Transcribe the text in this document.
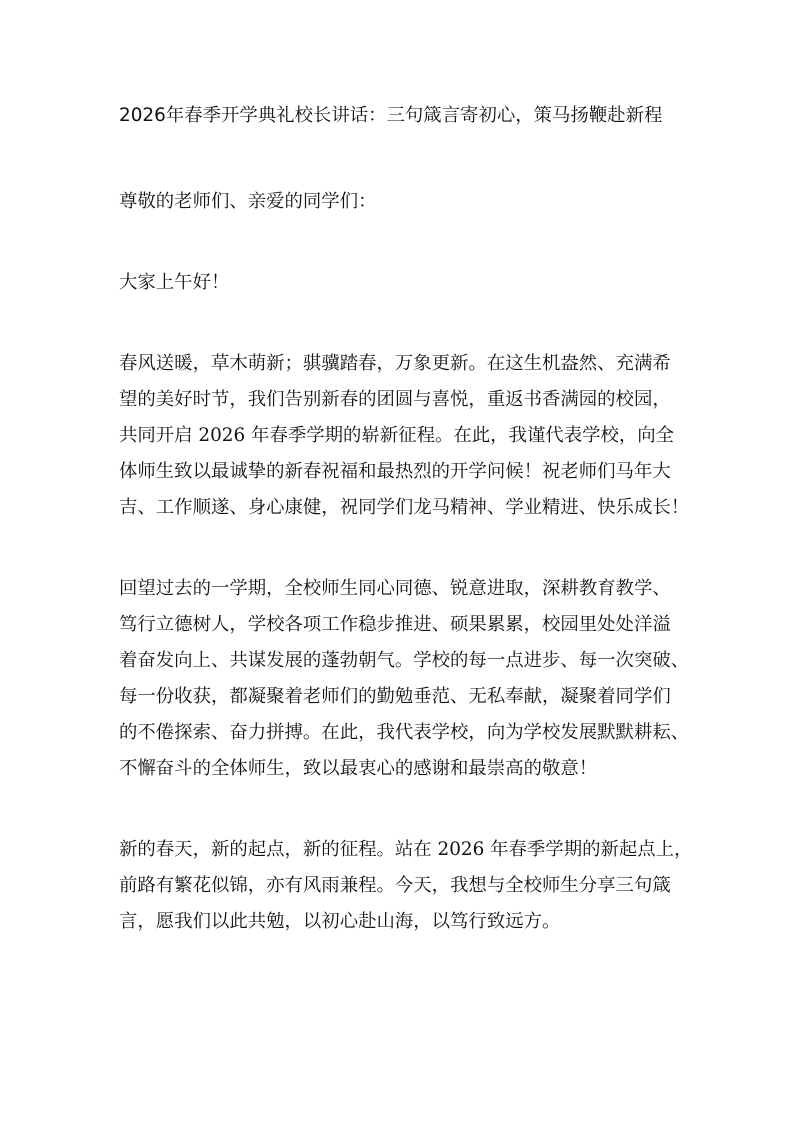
2026年春季开学典礼校长讲话：三句箴言寄初心，策马扬鞭赴新程
尊敬的老师们、亲爱的同学们：
大家上午好！
春风送暖，草木萌新；骐骥踏春，万象更新。在这生机盎然、充满希
望的美好时节，我们告别新春的团圆与喜悦，重返书香满园的校园，
共同开启 2026 年春季学期的崭新征程。在此，我谨代表学校，向全
体师生致以最诚挚的新春祝福和最热烈的开学问候！祝老师们马年大
吉、工作顺遂、身心康健，祝同学们龙马精神、学业精进、快乐成长！
回望过去的一学期，全校师生同心同德、锐意进取，深耕教育教学、
笃行立德树人，学校各项工作稳步推进、硕果累累，校园里处处洋溢
着奋发向上、共谋发展的蓬勃朝气。学校的每一点进步、每一次突破、
每一份收获，都凝聚着老师们的勤勉垂范、无私奉献，凝聚着同学们
的不倦探索、奋力拼搏。在此，我代表学校，向为学校发展默默耕耘、
不懈奋斗的全体师生，致以最衷心的感谢和最崇高的敬意！
新的春天，新的起点，新的征程。站在 2026 年春季学期的新起点上，
前路有繁花似锦，亦有风雨兼程。今天，我想与全校师生分享三句箴
言，愿我们以此共勉，以初心赴山海，以笃行致远方。
